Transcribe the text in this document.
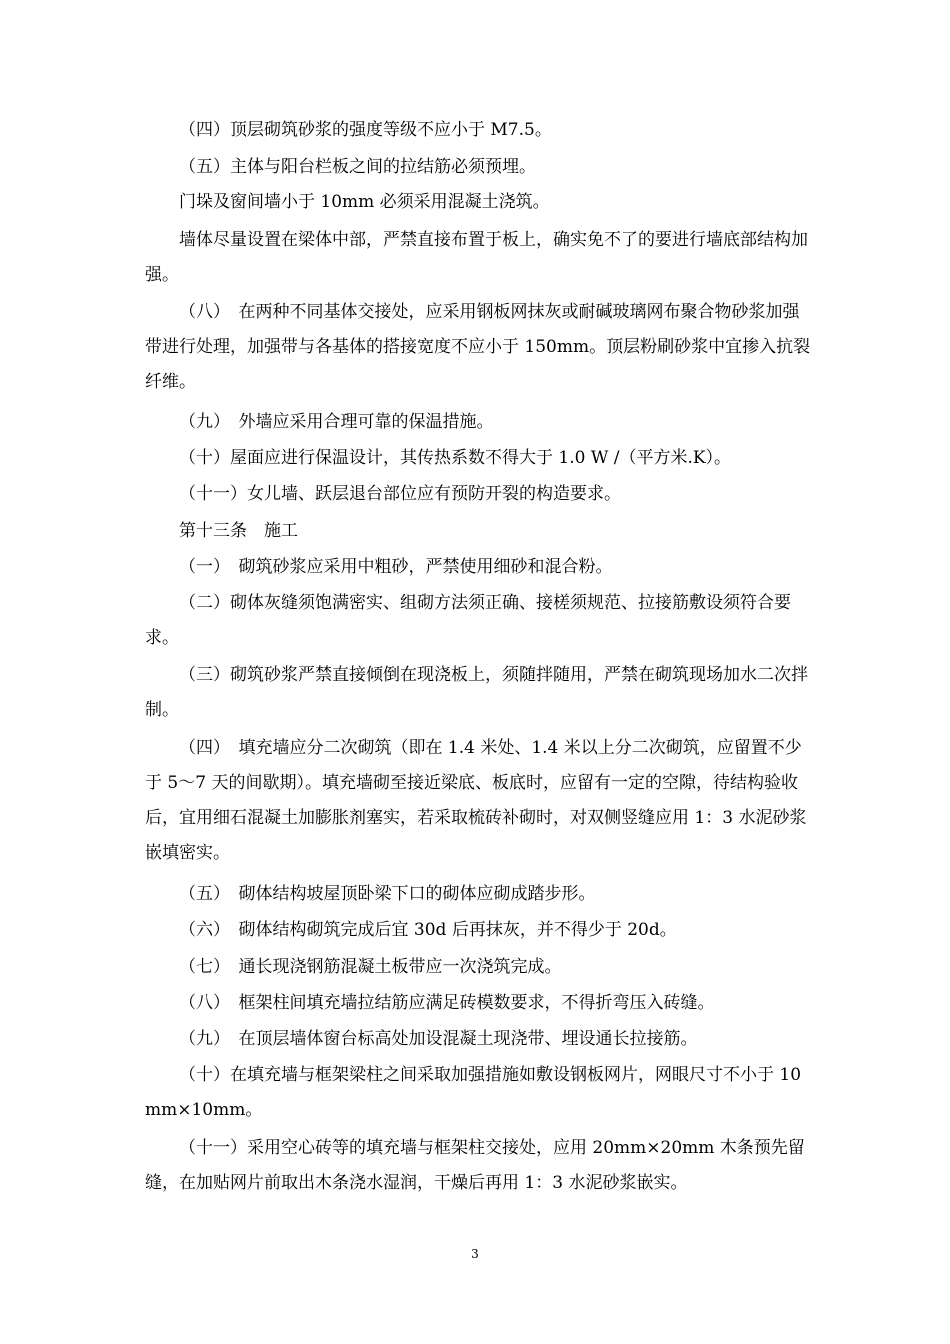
（四）顶层砌筑砂浆的强度等级不应小于 M7.5。

（五）主体与阳台栏板之间的拉结筋必须预埋。

门垛及窗间墙小于 10mm 必须采用混凝土浇筑。

墙体尽量设置在梁体中部，严禁直接布置于板上，确实免不了的要进行墙底部结构加强。

（八）　在两种不同基体交接处，应采用钢板网抹灰或耐碱玻璃网布聚合物砂浆加强带进行处理，加强带与各基体的搭接宽度不应小于 150mm。顶层粉刷砂浆中宜掺入抗裂纤维。

（九）　外墙应采用合理可靠的保温措施。

（十）屋面应进行保温设计，其传热系数不得大于 1.0 W /（平方米.K）。

（十一）女儿墙、跃层退台部位应有预防开裂的构造要求。

第十三条　施工

（一）　砌筑砂浆应采用中粗砂，严禁使用细砂和混合粉。

（二）砌体灰缝须饱满密实、组砌方法须正确、接槎须规范、拉接筋敷设须符合要求。

（三）砌筑砂浆严禁直接倾倒在现浇板上，须随拌随用，严禁在砌筑现场加水二次拌制。

（四）　填充墙应分二次砌筑（即在 1.4 米处、1.4 米以上分二次砌筑，应留置不少于 5～7 天的间歇期）。填充墙砌至接近梁底、板底时，应留有一定的空隙，待结构验收后，宜用细石混凝土加膨胀剂塞实，若采取梳砖补砌时，对双侧竖缝应用 1：3 水泥砂浆嵌填密实。

（五）　砌体结构坡屋顶卧梁下口的砌体应砌成踏步形。

（六）　砌体结构砌筑完成后宜 30d 后再抹灰，并不得少于 20d。

（七）　通长现浇钢筋混凝土板带应一次浇筑完成。

（八）　框架柱间填充墙拉结筋应满足砖模数要求，不得折弯压入砖缝。

（九）　在顶层墙体窗台标高处加设混凝土现浇带、埋设通长拉接筋。

（十）在填充墙与框架梁柱之间采取加强措施如敷设钢板网片，网眼尺寸不小于 10mm×10mm。

（十一）采用空心砖等的填充墙与框架柱交接处，应用 20mm×20mm 木条预先留缝，在加贴网片前取出木条浇水湿润，干燥后再用 1：3 水泥砂浆嵌实。

3
